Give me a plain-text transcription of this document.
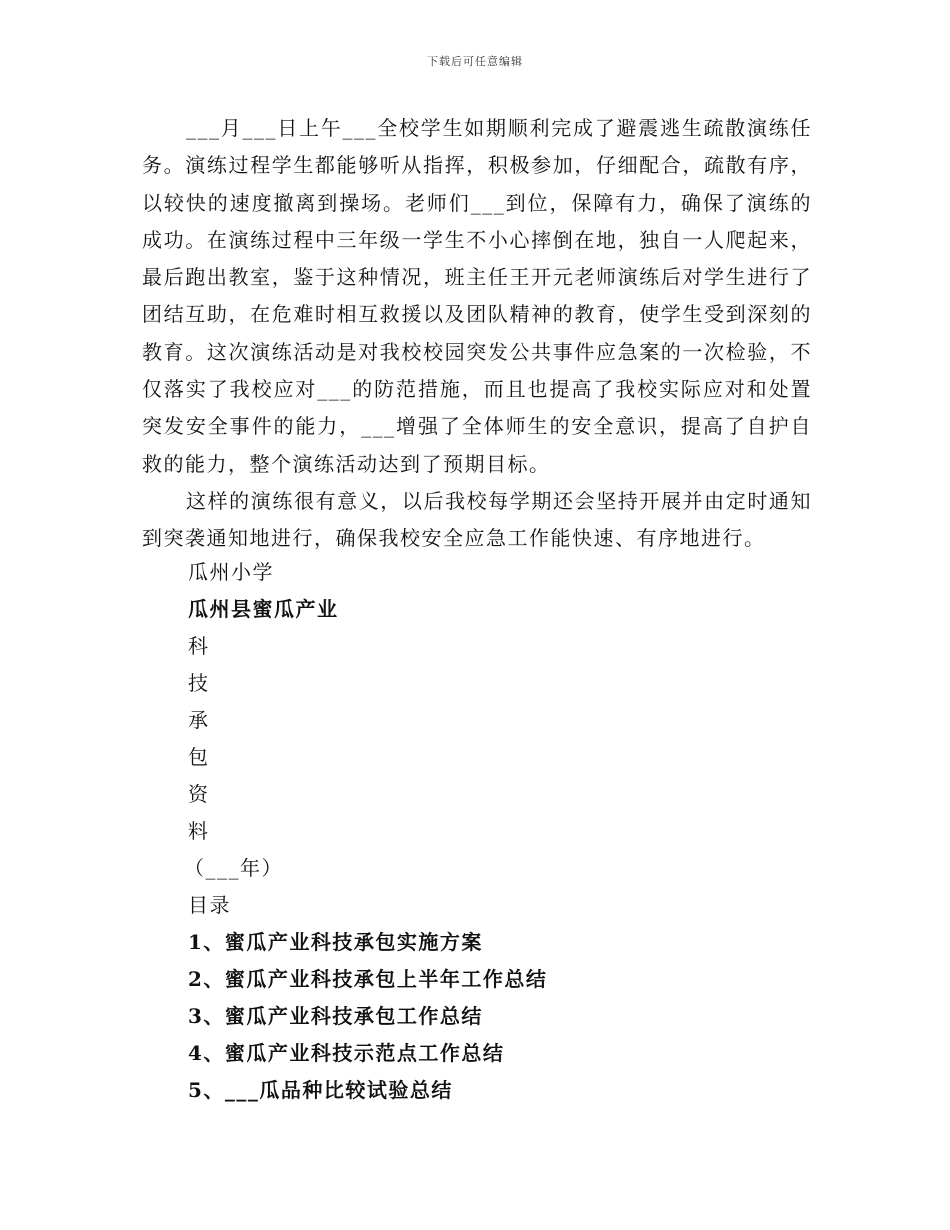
下载后可任意编辑

___月___日上午___全校学生如期顺利完成了避震逃生疏散演练任务。演练过程学生都能够听从指挥，积极参加，仔细配合，疏散有序，以较快的速度撤离到操场。老师们___到位，保障有力，确保了演练的成功。在演练过程中三年级一学生不小心摔倒在地，独自一人爬起来，最后跑出教室，鉴于这种情况，班主任王开元老师演练后对学生进行了团结互助，在危难时相互救援以及团队精神的教育，使学生受到深刻的教育。这次演练活动是对我校校园突发公共事件应急案的一次检验，不仅落实了我校应对___的防范措施，而且也提高了我校实际应对和处置突发安全事件的能力，___增强了全体师生的安全意识，提高了自护自救的能力，整个演练活动达到了预期目标。

这样的演练很有意义，以后我校每学期还会坚持开展并由定时通知到突袭通知地进行，确保我校安全应急工作能快速、有序地进行。

瓜州小学
瓜州县蜜瓜产业
科
技
承
包
资
料
（___年）
目录
1、蜜瓜产业科技承包实施方案
2、蜜瓜产业科技承包上半年工作总结
3、蜜瓜产业科技承包工作总结
4、蜜瓜产业科技示范点工作总结
5、___瓜品种比较试验总结
